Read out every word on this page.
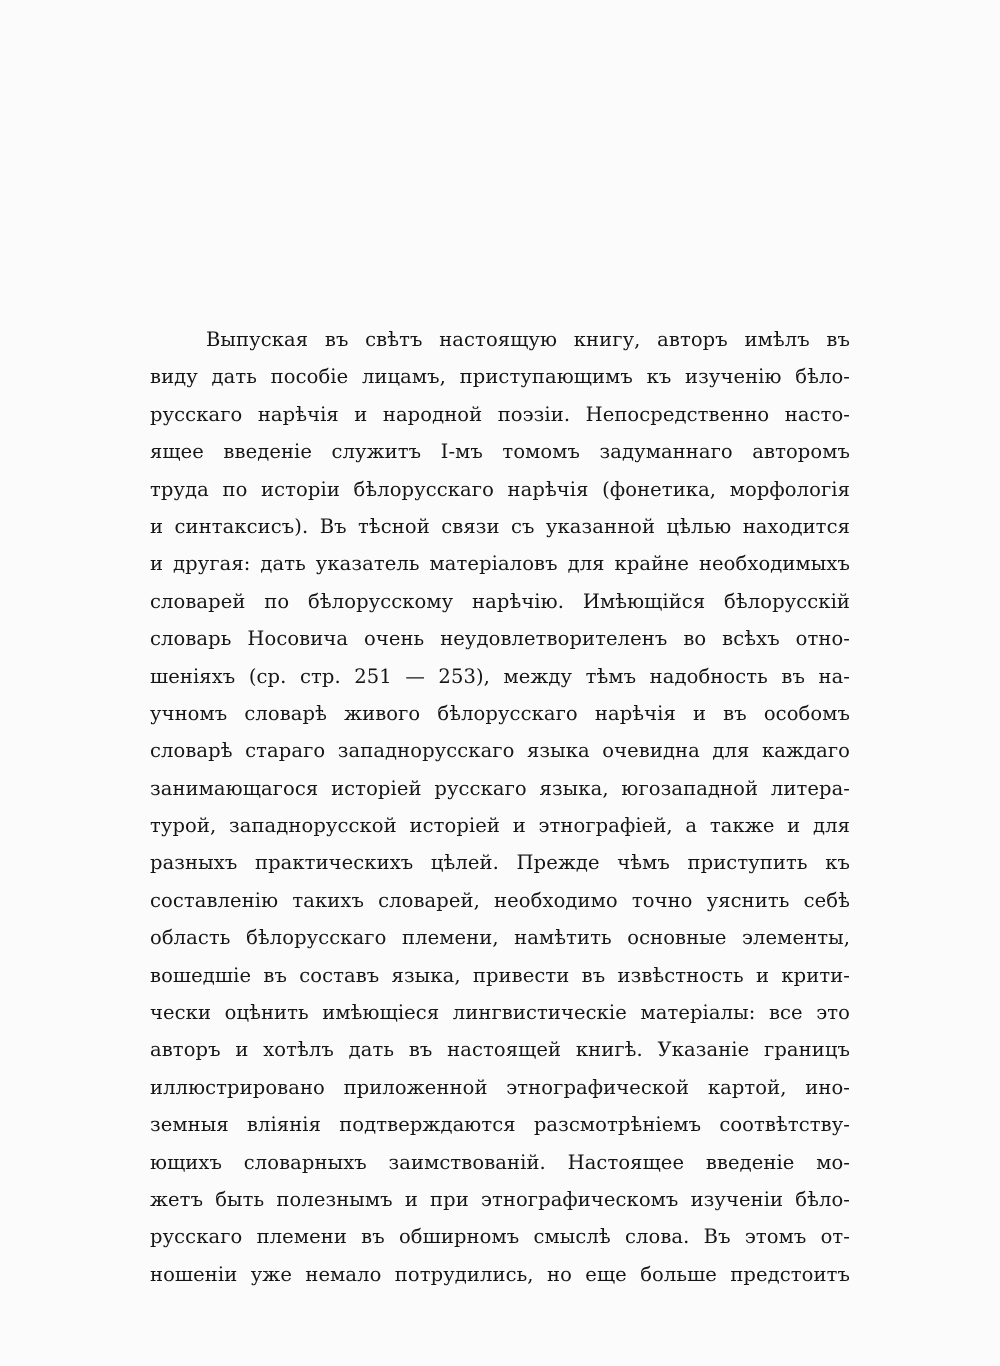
Выпуская въ свѣтъ настоящую книгу, авторъ имѣлъ въ
виду дать пособіе лицамъ, приступающимъ къ изученію бѣло-
русскаго нарѣчія и народной поэзіи. Непосредственно насто-
ящее введеніе служитъ I-мъ томомъ задуманнаго авторомъ
труда по исторіи бѣлорусскаго нарѣчія (фонетика, морфологія
и синтаксисъ). Въ тѣсной связи съ указанной цѣлью находится
и другая: дать указатель матеріаловъ для крайне необходимыхъ
словарей по бѣлорусскому нарѣчію. Имѣющійся бѣлорусскій
словарь Носовича очень неудовлетворителенъ во всѣхъ отно-
шеніяхъ (ср. стр. 251 — 253), между тѣмъ надобность въ на-
учномъ словарѣ живого бѣлорусскаго нарѣчія и въ особомъ
словарѣ стараго западнорусскаго языка очевидна для каждаго
занимающагося исторіей русскаго языка, югозападной литера-
турой, западнорусской исторіей и этнографіей, а также и для
разныхъ практическихъ цѣлей. Прежде чѣмъ приступить къ
составленію такихъ словарей, необходимо точно уяснить себѣ
область бѣлорусскаго племени, намѣтить основные элементы,
вошедшіе въ составъ языка, привести въ извѣстность и крити-
чески оцѣнить имѣющіеся лингвистическіе матеріалы: все это
авторъ и хотѣлъ дать въ настоящей книгѣ. Указаніе границъ
иллюстрировано приложенной этнографической картой, ино-
земныя вліянія подтверждаются разсмотрѣніемъ соотвѣтству-
ющихъ словарныхъ заимствованій. Настоящее введеніе мо-
жетъ быть полезнымъ и при этнографическомъ изученіи бѣло-
русскаго племени въ обширномъ смыслѣ слова. Въ этомъ от-
ношеніи уже немало потрудились, но еще больше предстоитъ
